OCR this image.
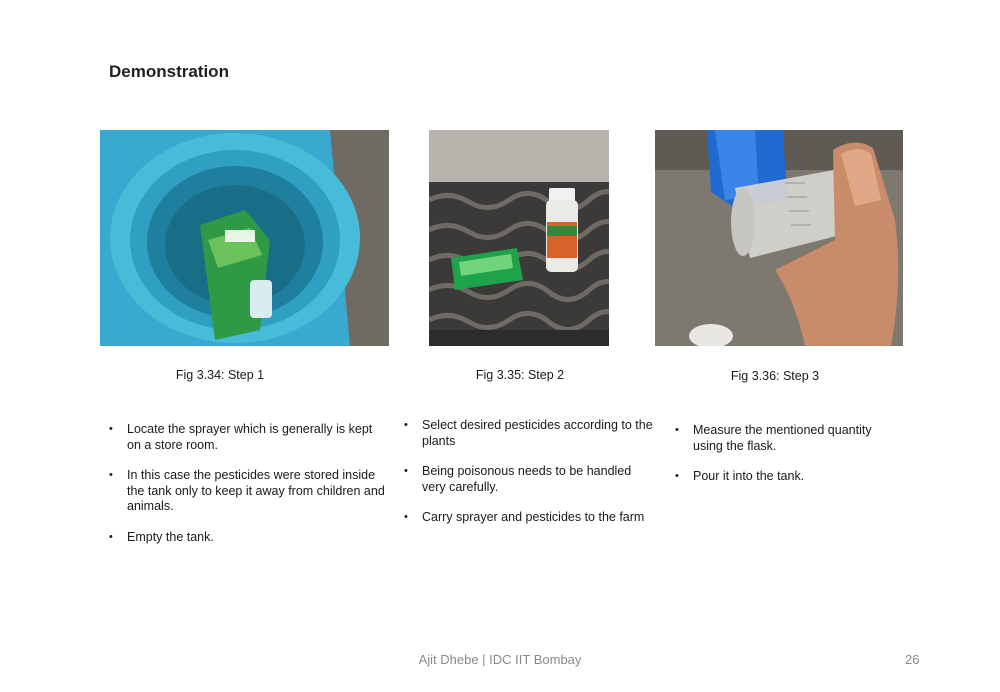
Demonstration
Fig 3.34: Step 1	Fig 3.35: Step 2	Fig 3.36: Step 3
• Locate the sprayer which is generally is kept on a store room.
• In this case the pesticides were stored inside the tank only to keep it away from children and animals.
• Empty the tank.
• Select desired pesticides according to the plants
• Being poisonous needs to be handled very carefully.
• Carry sprayer and pesticides to the farm
• Measure the mentioned quantity using the flask.
• Pour it into the tank.
Ajit Dhebe | IDC IIT Bombay	26
